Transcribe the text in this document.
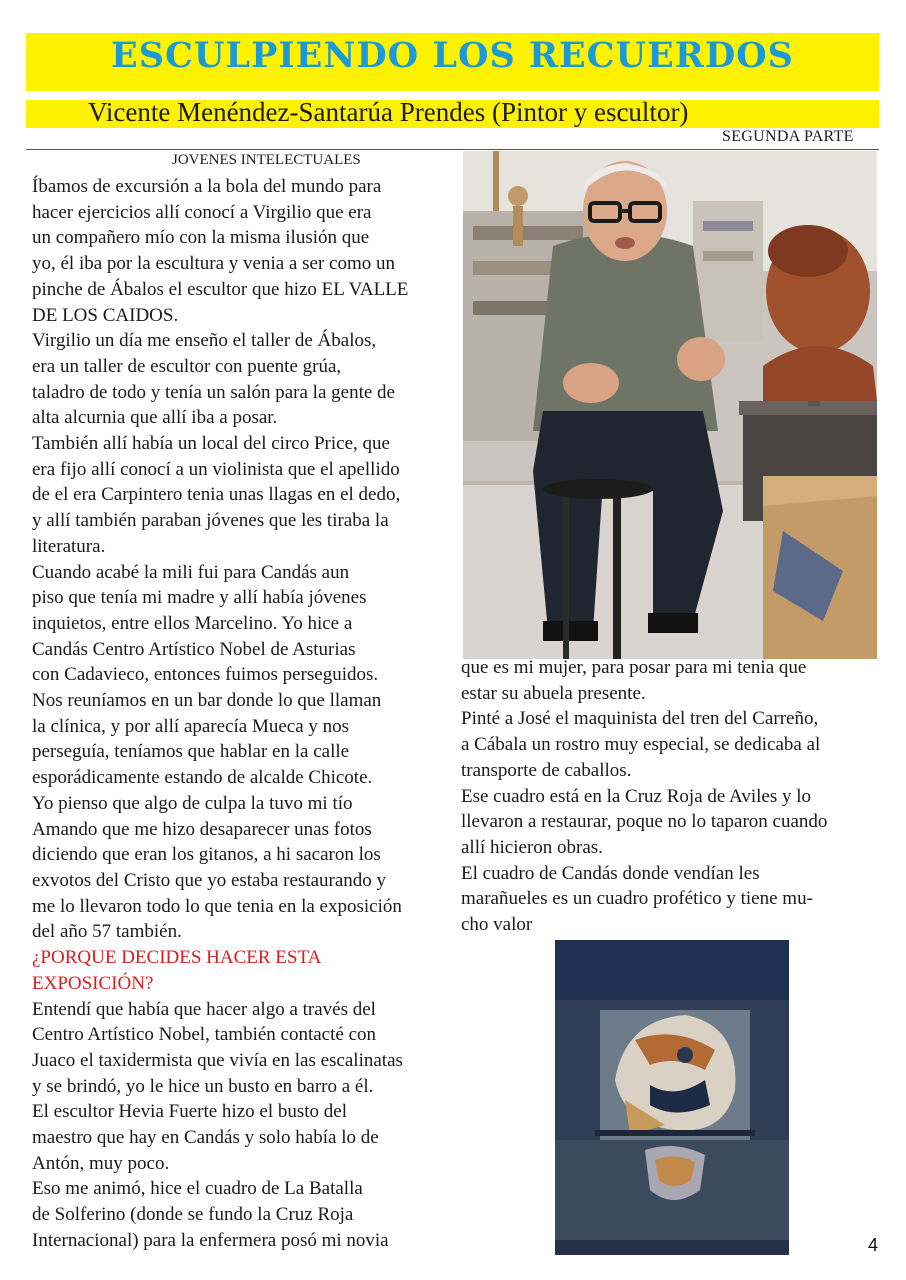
ESCULPIENDO LOS RECUERDOS
Vicente Menéndez-Santarúa Prendes (Pintor y escultor)
SEGUNDA PARTE
JOVENES INTELECTUALES
Íbamos de excursión a la bola del mundo para
hacer ejercicios allí conocí a Virgilio que era
un compañero mío con la misma ilusión que
yo, él iba por la escultura y venia a ser como un
pinche de Ábalos el escultor que hizo EL VALLE
DE LOS CAIDOS.
Virgilio un día me enseño el taller de Ábalos,
era un taller de escultor con puente grúa,
taladro de todo y tenía un salón para la gente de
alta alcurnia que allí iba a posar.
También allí había un local del circo Price, que
era fijo allí conocí a un violinista que el apellido
de el era Carpintero tenia unas llagas en el dedo,
y allí también paraban jóvenes que les tiraba la
literatura.
Cuando acabé la mili fui para Candás aun
piso que tenía mi madre y allí había jóvenes
inquietos, entre ellos Marcelino. Yo hice a
Candás Centro Artístico Nobel de Asturias
con Cadavieco, entonces fuimos perseguidos.
Nos reuníamos en un bar donde lo que llaman
la clínica, y por allí aparecía Mueca y nos
perseguía, teníamos que hablar en la calle
esporádicamente estando de alcalde Chicote.
Yo pienso que algo de culpa la tuvo mi tío
Amando que me hizo desaparecer unas fotos
diciendo que eran los gitanos, a hi sacaron los
exvotos del Cristo que yo estaba restaurando y
me lo llevaron todo lo que tenia en la exposición
del año 57 también.
¿PORQUE DECIDES HACER ESTA
EXPOSICIÓN?
Entendí que había que hacer algo a través del
Centro Artístico Nobel, también contacté con
Juaco el taxidermista que vivía en las escalinatas
y se brindó, yo le hice un busto en barro a él.
El escultor Hevia Fuerte hizo el busto del
maestro que hay en Candás y solo había lo de
Antón, muy poco.
Eso me animó, hice el cuadro de La Batalla
de Solferino (donde se fundo la Cruz Roja
Internacional) para la enfermera posó mi novia
que es mi mujer, para posar para mi tenia que
estar su abuela presente.
Pinté a José el maquinista del tren del Carreño,
a Cábala un rostro muy especial, se dedicaba al
transporte de caballos.
Ese cuadro está en la Cruz Roja de Aviles y lo
llevaron a restaurar, poque no lo taparon cuando
allí hicieron obras.
El cuadro de Candás donde vendían les
marañueles es un cuadro profético y tiene mu-
cho valor
4
